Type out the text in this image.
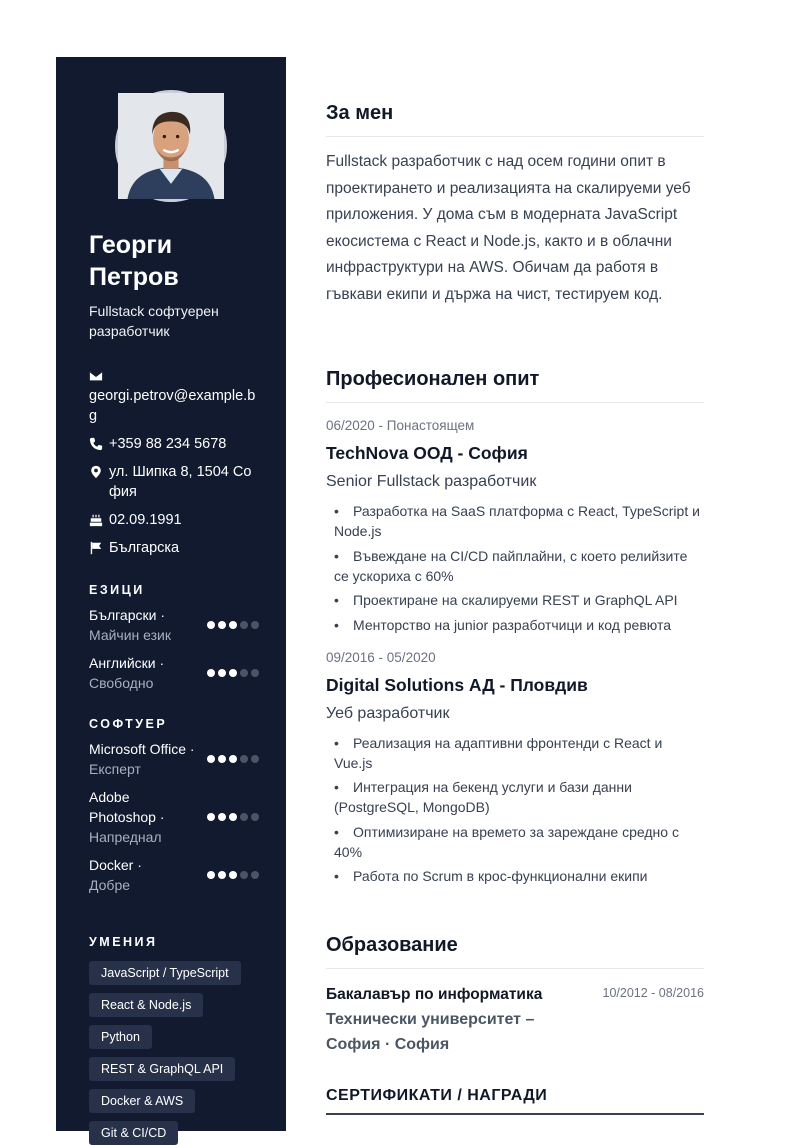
Георги
Петров
Fullstack софтуерен разработчик
georgi.petrov@example.bg
+359 88 234 5678
ул. Шипка 8, 1504 София
02.09.1991
Българска
ЕЗИЦИ
Български ·
Майчин език
Английски ·
Свободно
СОФТУЕР
Microsoft Office ·
Експерт
Adobe Photoshop ·
Напреднал
Docker ·
Добре
УМЕНИЯ
JavaScript / TypeScript
React & Node.js
Python
REST & GraphQL API
Docker & AWS
Git & CI/CD
За мен

Fullstack разработчик с над осем години опит в проектирането и реализацията на скалируеми уеб приложения. У дома съм в модерната JavaScript екосистема с React и Node.js, както и в облачни инфраструктури на AWS. Обичам да работя в гъвкави екипи и държа на чист, тестируем код.

Професионален опит
06/2020 - Понастоящем
TechNova ООД - София
Senior Fullstack разработчик
• Разработка на SaaS платформа с React, TypeScript и Node.js
• Въвеждане на CI/CD пайплайни, с което релийзите се ускориха с 60%
• Проектиране на скалируеми REST и GraphQL API
• Менторство на junior разработчици и код ревюта
09/2016 - 05/2020
Digital Solutions АД - Пловдив
Уеб разработчик
• Реализация на адаптивни фронтенди с React и Vue.js
• Интеграция на бекенд услуги и бази данни (PostgreSQL, MongoDB)
• Оптимизиране на времето за зареждане средно с 40%
• Работа по Scrum в крос-функционални екипи
Образование
Бакалавър по информатика
Технически университет – София · София
10/2012 - 08/2016
СЕРТИФИКАТИ / НАГРАДИ
